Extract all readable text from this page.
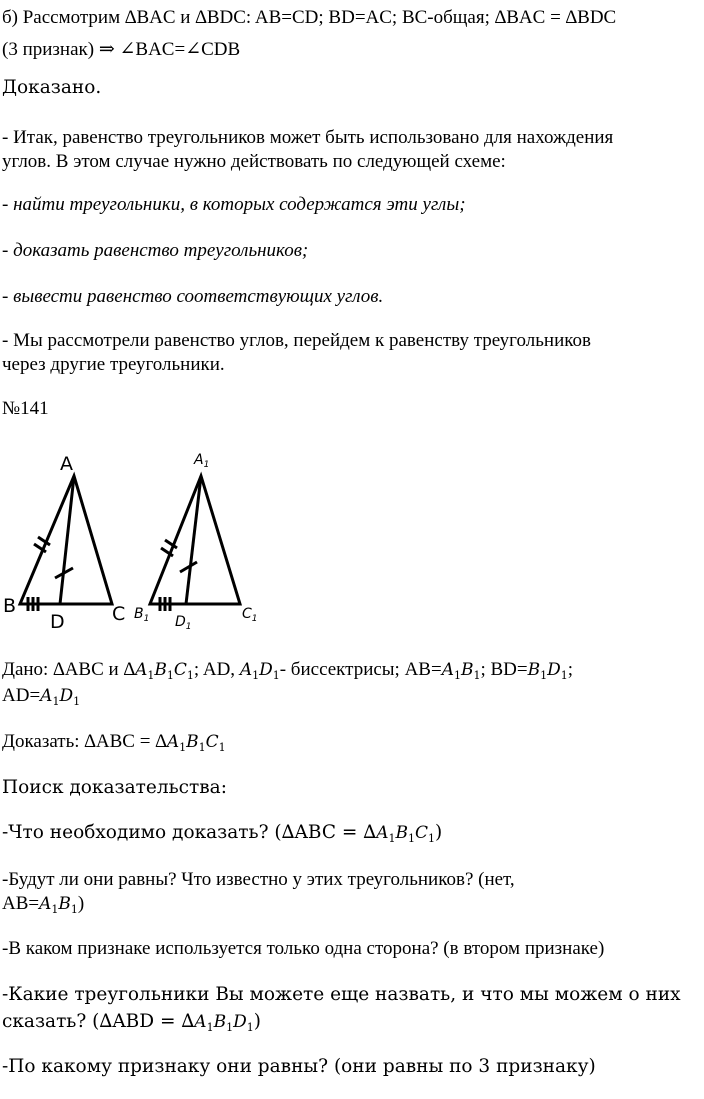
б) Рассмотрим ∆BAC и ∆BDC: AB=CD; BD=AC; BC-общая; ∆BAC = ∆BDC
(3 признак) ⇒ ∠BAC=∠CDB
Доказано.
- Итак, равенство треугольников может быть использовано для нахождения
углов. В этом случае нужно действовать по следующей схеме:
- найти треугольники, в которых содержатся эти углы;
- доказать равенство треугольников;
- вывести равенство соответствующих углов.
- Мы рассмотрели равенство углов, перейдем к равенству треугольников
через другие треугольники.
№141
A
B	C
D
$A_1$
$B_1$	$C_1$
$D_1$
Дано: ∆ABC и $\Delta A_1B_1C_1$; AD, $A_1D_1-$ биссектрисы; $AB=A_1B_1$; $BD=B_1D_1$;
$AD=A_1D_1$
Доказать: $\Delta ABC = \Delta A_1B_1C_1$
Поиск доказательства:
-Что необходимо доказать? $(\Delta ABC = \Delta A_1B_1C_1)$
-Будут ли они равны? Что известно у этих треугольников? (нет,
$AB=A_1B_1$)
-В каком признаке используется только одна сторона? (в втором признаке)
-Какие треугольники Вы можете еще назвать, и что мы можем о них
сказать? $(\Delta ABD = \Delta A_1B_1D_1)$
-По какому признаку они равны? (они равны по 3 признаку)
